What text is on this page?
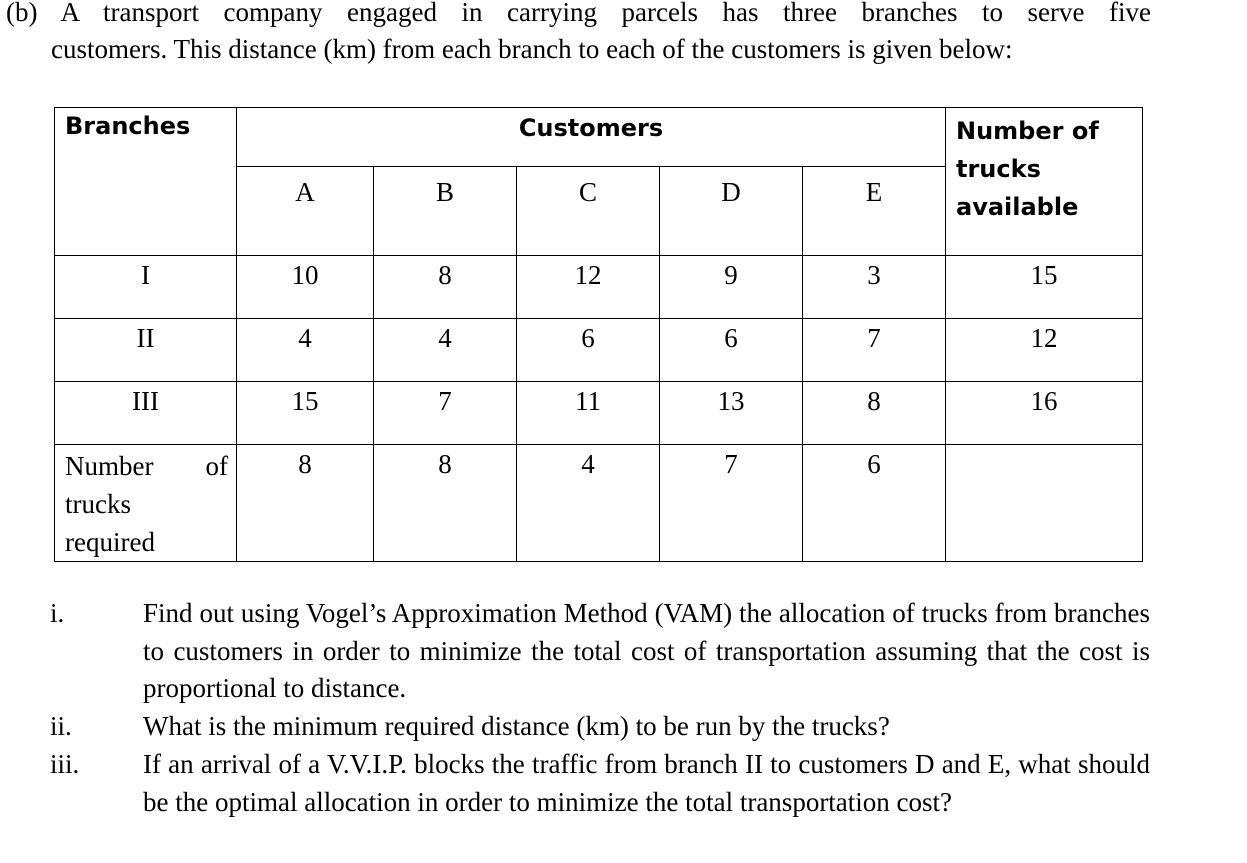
(b) A transport company engaged in carrying parcels has three branches to serve five
customers. This distance (km) from each branch to each of the customers is given below:

Branches	Customers					Number of
trucks
available
	A	B	C	D	E	
I	10	8	12	9	3	15
II	4	4	6	6	7	12
III	15	7	11	13	8	16

Number of
trucks
required	8	8	4	7	6	
i.	Find out using Vogel’s Approximation Method (VAM) the allocation of trucks from branches to customers in order to minimize the total cost of transportation assuming that the cost is proportional to distance.
ii.	What is the minimum required distance (km) to be run by the trucks?
iii. If an arrival of a V.V.I.P. blocks the traffic from branch II to customers D and E, what should be the optimal allocation in order to minimize the total transportation cost?
